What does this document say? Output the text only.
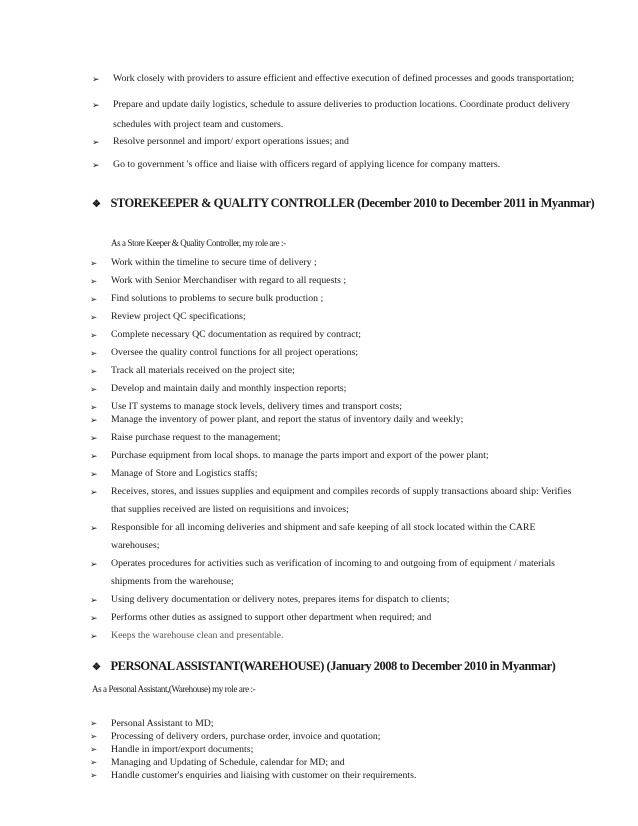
➢ Work closely with providers to assure efficient and effective execution of defined processes and goods transportation;
➢ Prepare and update daily logistics, schedule to assure deliveries to production locations. Coordinate product delivery
schedules with project team and customers.
➢ Resolve personnel and import/ export operations issues; and
➢ Go to government 's office and liaise with officers regard of applying licence for company matters.
❖ STOREKEEPER & QUALITY CONTROLLER (December 2010 to December 2011 in Myanmar)
As a Store Keeper & Quality Controller, my role are :-
➢ Work within the timeline to secure time of delivery ;
➢ Work with Senior Merchandiser with regard to all requests ;
➢ Find solutions to problems to secure bulk production ;
➢ Review project QC specifications;
➢ Complete necessary QC documentation as required by contract;
➢ Oversee the quality control functions for all project operations;
➢ Track all materials received on the project site;
➢ Develop and maintain daily and monthly inspection reports;
➢ Use IT systems to manage stock levels, delivery times and transport costs;
➢ Manage the inventory of power plant, and report the status of inventory daily and weekly;
➢ Raise purchase request to the management;
➢ Purchase equipment from local shops. to manage the parts import and export of the power plant;
➢ Manage of Store and Logistics staffs;
➢ Receives, stores, and issues supplies and equipment and compiles records of supply transactions aboard ship: Verifies
that supplies received are listed on requisitions and invoices;
➢ Responsible for all incoming deliveries and shipment and safe keeping of all stock located within the CARE
warehouses;
➢ Operates procedures for activities such as verification of incoming to and outgoing from of equipment / materials
shipments from the warehouse;
➢ Using delivery documentation or delivery notes, prepares items for dispatch to clients;
➢ Performs other duties as assigned to support other department when required; and
➢ Keeps the warehouse clean and presentable.
❖ PERSONAL ASSISTANT(WAREHOUSE) (January 2008 to December 2010 in Myanmar)
As a Personal Assistant,(Warehouse) my role are :-
➢ Personal Assistant to MD;
➢ Processing of delivery orders, purchase order, invoice and quotation;
➢ Handle in import/export documents;
➢ Managing and Updating of Schedule, calendar for MD; and
➢ Handle customer's enquiries and liaising with customer on their requirements.
